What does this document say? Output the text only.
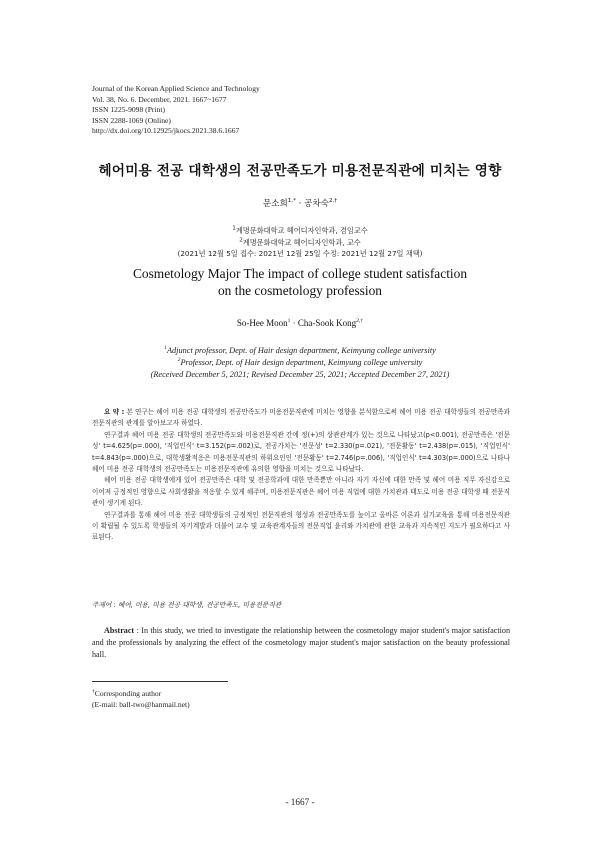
Journal of the Korean Applied Science and Technology
Vol. 38, No. 6. December, 2021. 1667~1677
ISSN 1225-9098 (Print)
ISSN 2288-1069 (Online)
http://dx.doi.org/10.12925/jkocs.2021.38.6.1667
헤어미용 전공 대학생의 전공만족도가 미용전문직관에 미치는 영향
문소희$^{1,*}$ · 공차숙$^{2,\dagger}$
$^1$계명문화대학교 헤어디자인학과, 겸임교수
$^2$계명문화대학교 헤어디자인학과, 교수
(2021년 12월 5일 접수: 2021년 12월 25일 수정: 2021년 12월 27일 채택)
Cosmetology Major The impact of college student satisfaction
on the cosmetology profession
So-Hee Moon$^1$ · Cha-Sook Kong$^{2,\dagger}$
$^1$Adjunct professor, Dept. of Hair design department, Keimyung college university
$^2$Professor, Dept. of Hair design department, Keimyung college university
(Received December 5, 2021; Revised December 25, 2021; Accepted December 27, 2021)

요 약 : 본 연구는 헤어 미용 전공 대학생의 전공만족도가 미용전문직관에 미치는 영향을 분석함으로써 헤어 미용 전공 대학생들의 전공만족과 전문직관의 관계를 알아보고자 하였다.

연구결과 헤어 미용 전공 대학생의 전공만족도와 미용전문직관 간에 정(+)의 상관관계가 있는 것으로 나타났고(p<0.001), 전공만족은 '전문성' t=4.625(p=.000), '직업인식' t=3.152(p=.002)로, 전공가치는 '전문성' t=2.330(p=.021), '전문활동' t=2.438(p=.015), '직업인식' t=4.843(p=.000)으로, 대학생활적응은 미용전문직관의 하위요인인 '전문활동' t=2.746(p=.006), '직업인식' t=4.303(p=.000)으로 나타나 헤어 미용 전공 대학생의 전공만족도는 미용전문직관에 유의한 영향을 미치는 것으로 나타났다.

헤어 미용 전공 대학생에게 있어 전공만족은 대학 및 전공학과에 대한 만족뿐만 아니라 자기 자신에 대한 만족 및 헤어 미용 직무 자신감으로 이어져 긍정적인 영향으로 사회생활을 적응할 수 있게 해주며, 미용전문직관은 헤어 미용 직업에 대한 가치관과 태도로 미용 전공 대학생 때 전문직관이 생기게 된다.

연구결과를 통해 헤어 미용 전공 대학생들의 긍정적인 전문직관의 형성과 전공만족도를 높이고 올바른 이론과 실기교육을 통해 미용전문직관이 확립될 수 있도록 학생들의 자기계발과 더불어 교수 및 교육관계자들의 전문직업 윤리와 가치관에 관한 교육과 지속적인 지도가 필요하다고 사료된다.

주제어 : 헤어, 미용, 미용 전공 대학생, 전공만족도, 미용전문직관
Abstract : In this study, we tried to investigate the relationship between the cosmetology major student's major satisfaction and the professionals by analyzing the effect of the cosmetology major student's major satisfaction on the beauty professional hall.
†Corresponding author
(E-mail: ball-two@hanmail.net)
- 1667 -
